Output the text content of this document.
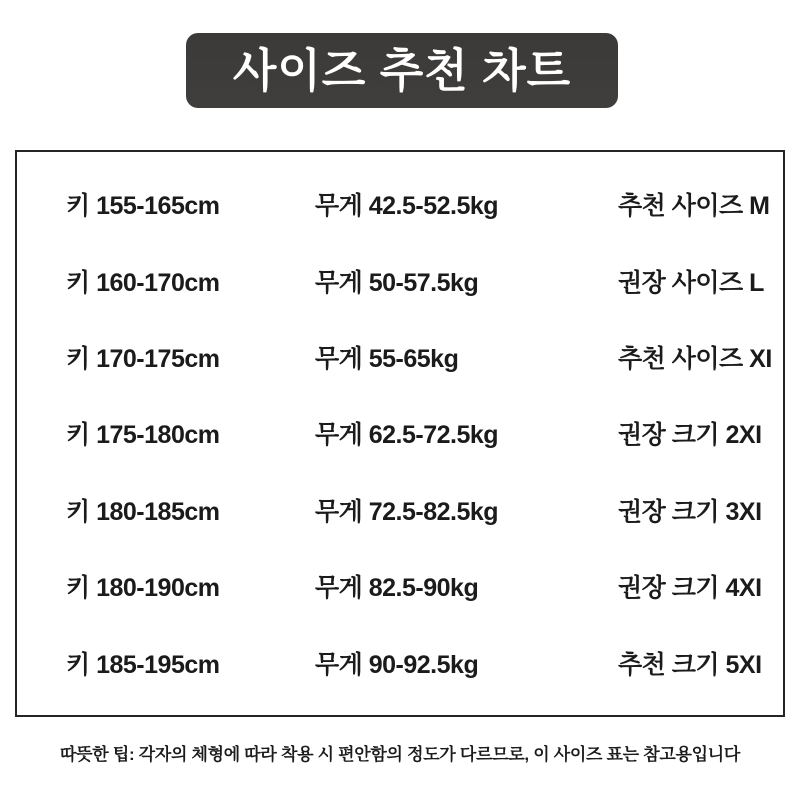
사이즈 추천 차트
키 155-165cm	무게 42.5-52.5kg	추천 사이즈 M
키 160-170cm	무게 50-57.5kg	권장 사이즈 L
키 170-175cm	무게 55-65kg	추천 사이즈 XI
키 175-180cm	무게 62.5-72.5kg	권장 크기 2XI
키 180-185cm	무게 72.5-82.5kg	권장 크기 3XI
키 180-190cm	무게 82.5-90kg	권장 크기 4XI
키 185-195cm	무게 90-92.5kg	추천 크기 5XI
따뜻한 팁: 각자의 체형에 따라 착용 시 편안함의 정도가 다르므로, 이 사이즈 표는 참고용입니다
